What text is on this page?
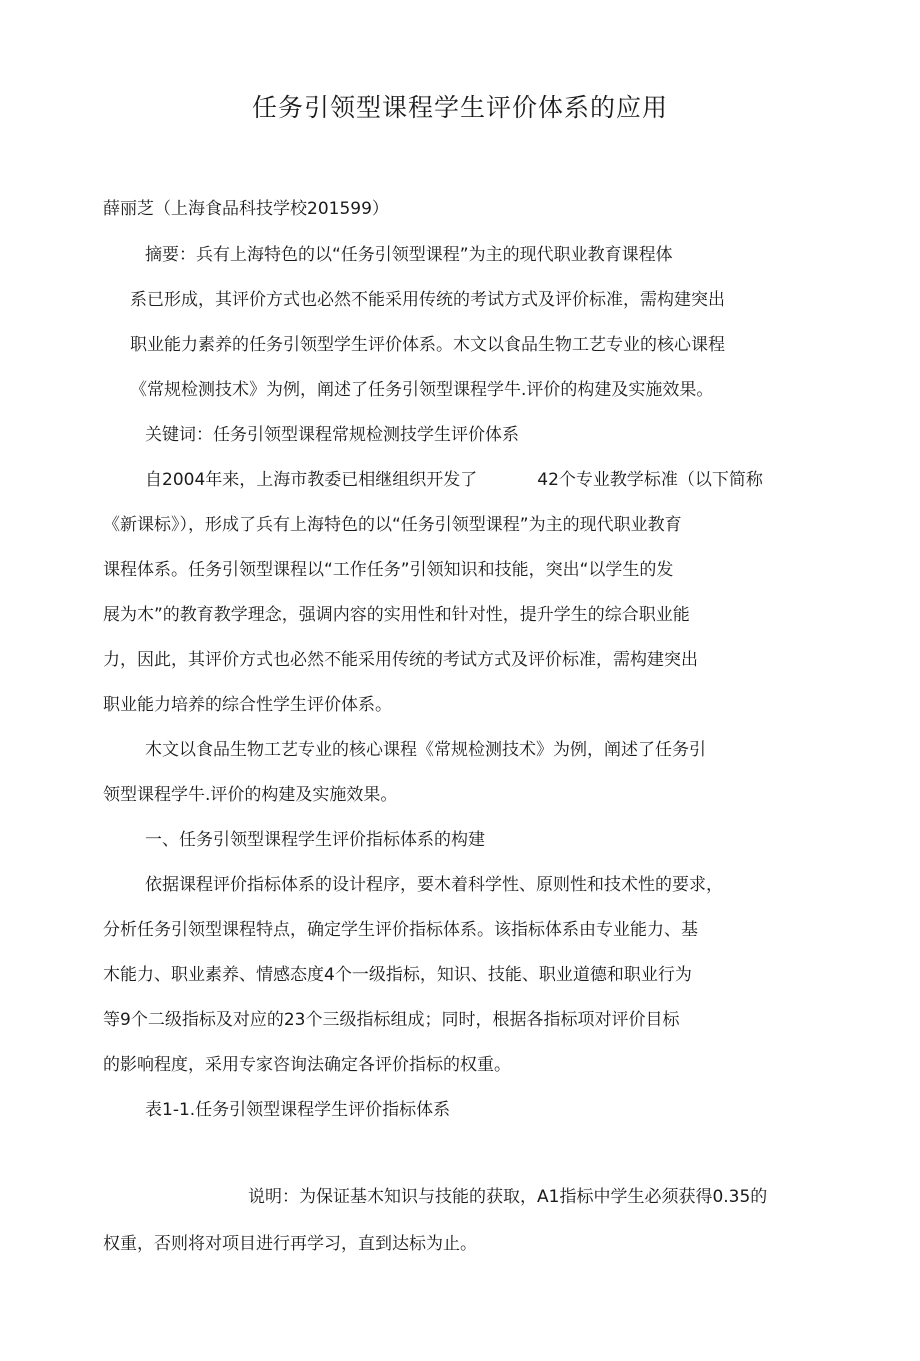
任务引领型课程学生评价体系的应用
薛丽芝（上海食品科技学校201599）
摘要：兵有上海特色的以“任务引领型课程”为主的现代职业教育课程体
系已形成，其评价方式也必然不能采用传统的考试方式及评价标准，需构建突出
职业能力素养的任务引领型学生评价体系。木文以食品生物工艺专业的核心课程
《常规检测技术》为例，阐述了任务引领型课程学牛.评价的构建及实施效果。
关键词：任务引领型课程常规检测技学生评价体系
自2004年来，上海市教委已相继组织开发了	42个专业教学标准（以下简称
《新课标》），形成了兵有上海特色的以“任务引领型课程”为主的现代职业教育
课程体系。任务引领型课程以“工作任务”引领知识和技能，突出“以学生的发
展为木”的教育教学理念，强调内容的实用性和针对性，提升学生的综合职业能
力，因此，其评价方式也必然不能采用传统的考试方式及评价标准，需构建突出
职业能力培养的综合性学生评价体系。
木文以食品生物工艺专业的核心课程《常规检测技术》为例，阐述了任务引
领型课程学牛.评价的构建及实施效果。
一、任务引领型课程学生评价指标体系的构建
依据课程评价指标体系的设计程序，要木着科学性、原则性和技术性的要求，
分析任务引领型课程特点，确定学生评价指标体系。该指标体系由专业能力、基
木能力、职业素养、情感态度4个一级指标，知识、技能、职业道德和职业行为
等9个二级指标及对应的23个三级指标组成；同时，根据各指标项对评价目标
的影响程度，采用专家咨询法确定各评价指标的权重。
表1-1.任务引领型课程学生评价指标体系
说明：为保证基木知识与技能的获取，A1指标中学生必须获得0.35的
权重，否则将对项目进行再学习，直到达标为止。
